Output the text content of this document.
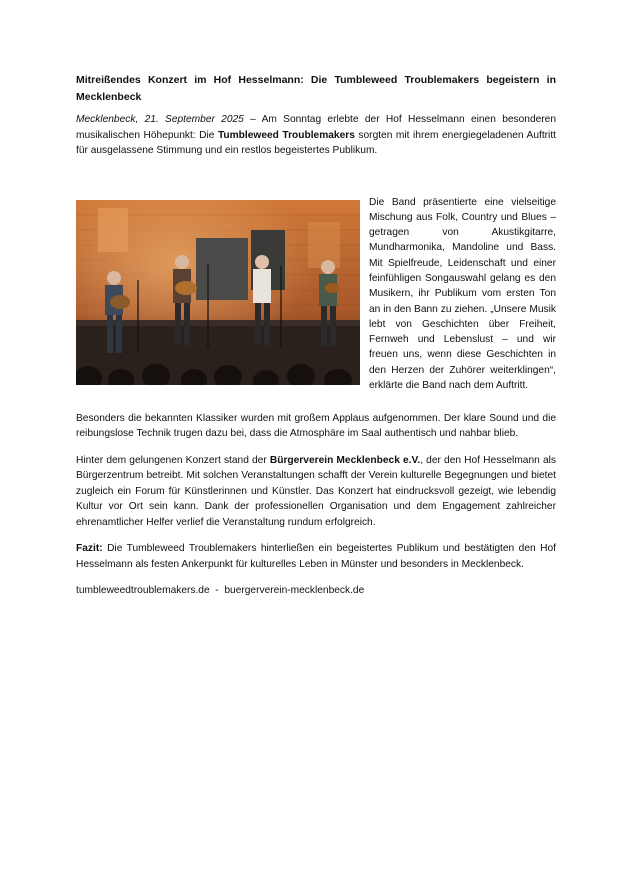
Mitreißendes Konzert im Hof Hesselmann: Die Tumbleweed Troublemakers begeistern in Mecklenbeck

Mecklenbeck, 21. September 2025 – Am Sonntag erlebte der Hof Hesselmann einen besonderen musikalischen Höhepunkt: Die Tumbleweed Troublemakers sorgten mit ihrem energiegeladenen Auftritt für ausgelassene Stimmung und ein restlos begeistertes Publikum.

Die Band präsentierte eine vielseitige Mischung aus Folk, Country und Blues – getragen von Akustikgitarre, Mundharmonika, Mandoline und Bass. Mit Spielfreude, Leidenschaft und einer feinfühligen Songauswahl gelang es den Musikern, ihr Publikum vom ersten Ton an in den Bann zu ziehen. „Unsere Musik lebt von Geschichten über Freiheit, Fernweh und Lebenslust – und wir freuen uns, wenn diese Geschichten in den Herzen der Zuhörer weiterklingen“, erklärte die Band nach dem Auftritt.

Besonders die bekannten Klassiker wurden mit großem Applaus aufgenommen. Der klare Sound und die reibungslose Technik trugen dazu bei, dass die Atmosphäre im Saal authentisch und nahbar blieb.

Hinter dem gelungenen Konzert stand der Bürgerverein Mecklenbeck e.V., der den Hof Hesselmann als Bürgerzentrum betreibt. Mit solchen Veranstaltungen schafft der Verein kulturelle Begegnungen und bietet zugleich ein Forum für Künstlerinnen und Künstler. Das Konzert hat eindrucksvoll gezeigt, wie lebendig Kultur vor Ort sein kann. Dank der professionellen Organisation und dem Engagement zahlreicher ehrenamtlicher Helfer verlief die Veranstaltung rundum erfolgreich.

Fazit: Die Tumbleweed Troublemakers hinterließen ein begeistertes Publikum und bestätigten den Hof Hesselmann als festen Ankerpunkt für kulturelles Leben in Münster und besonders in Mecklenbeck.

tumbleweedtroublemakers.de  -  buergerverein-mecklenbeck.de
